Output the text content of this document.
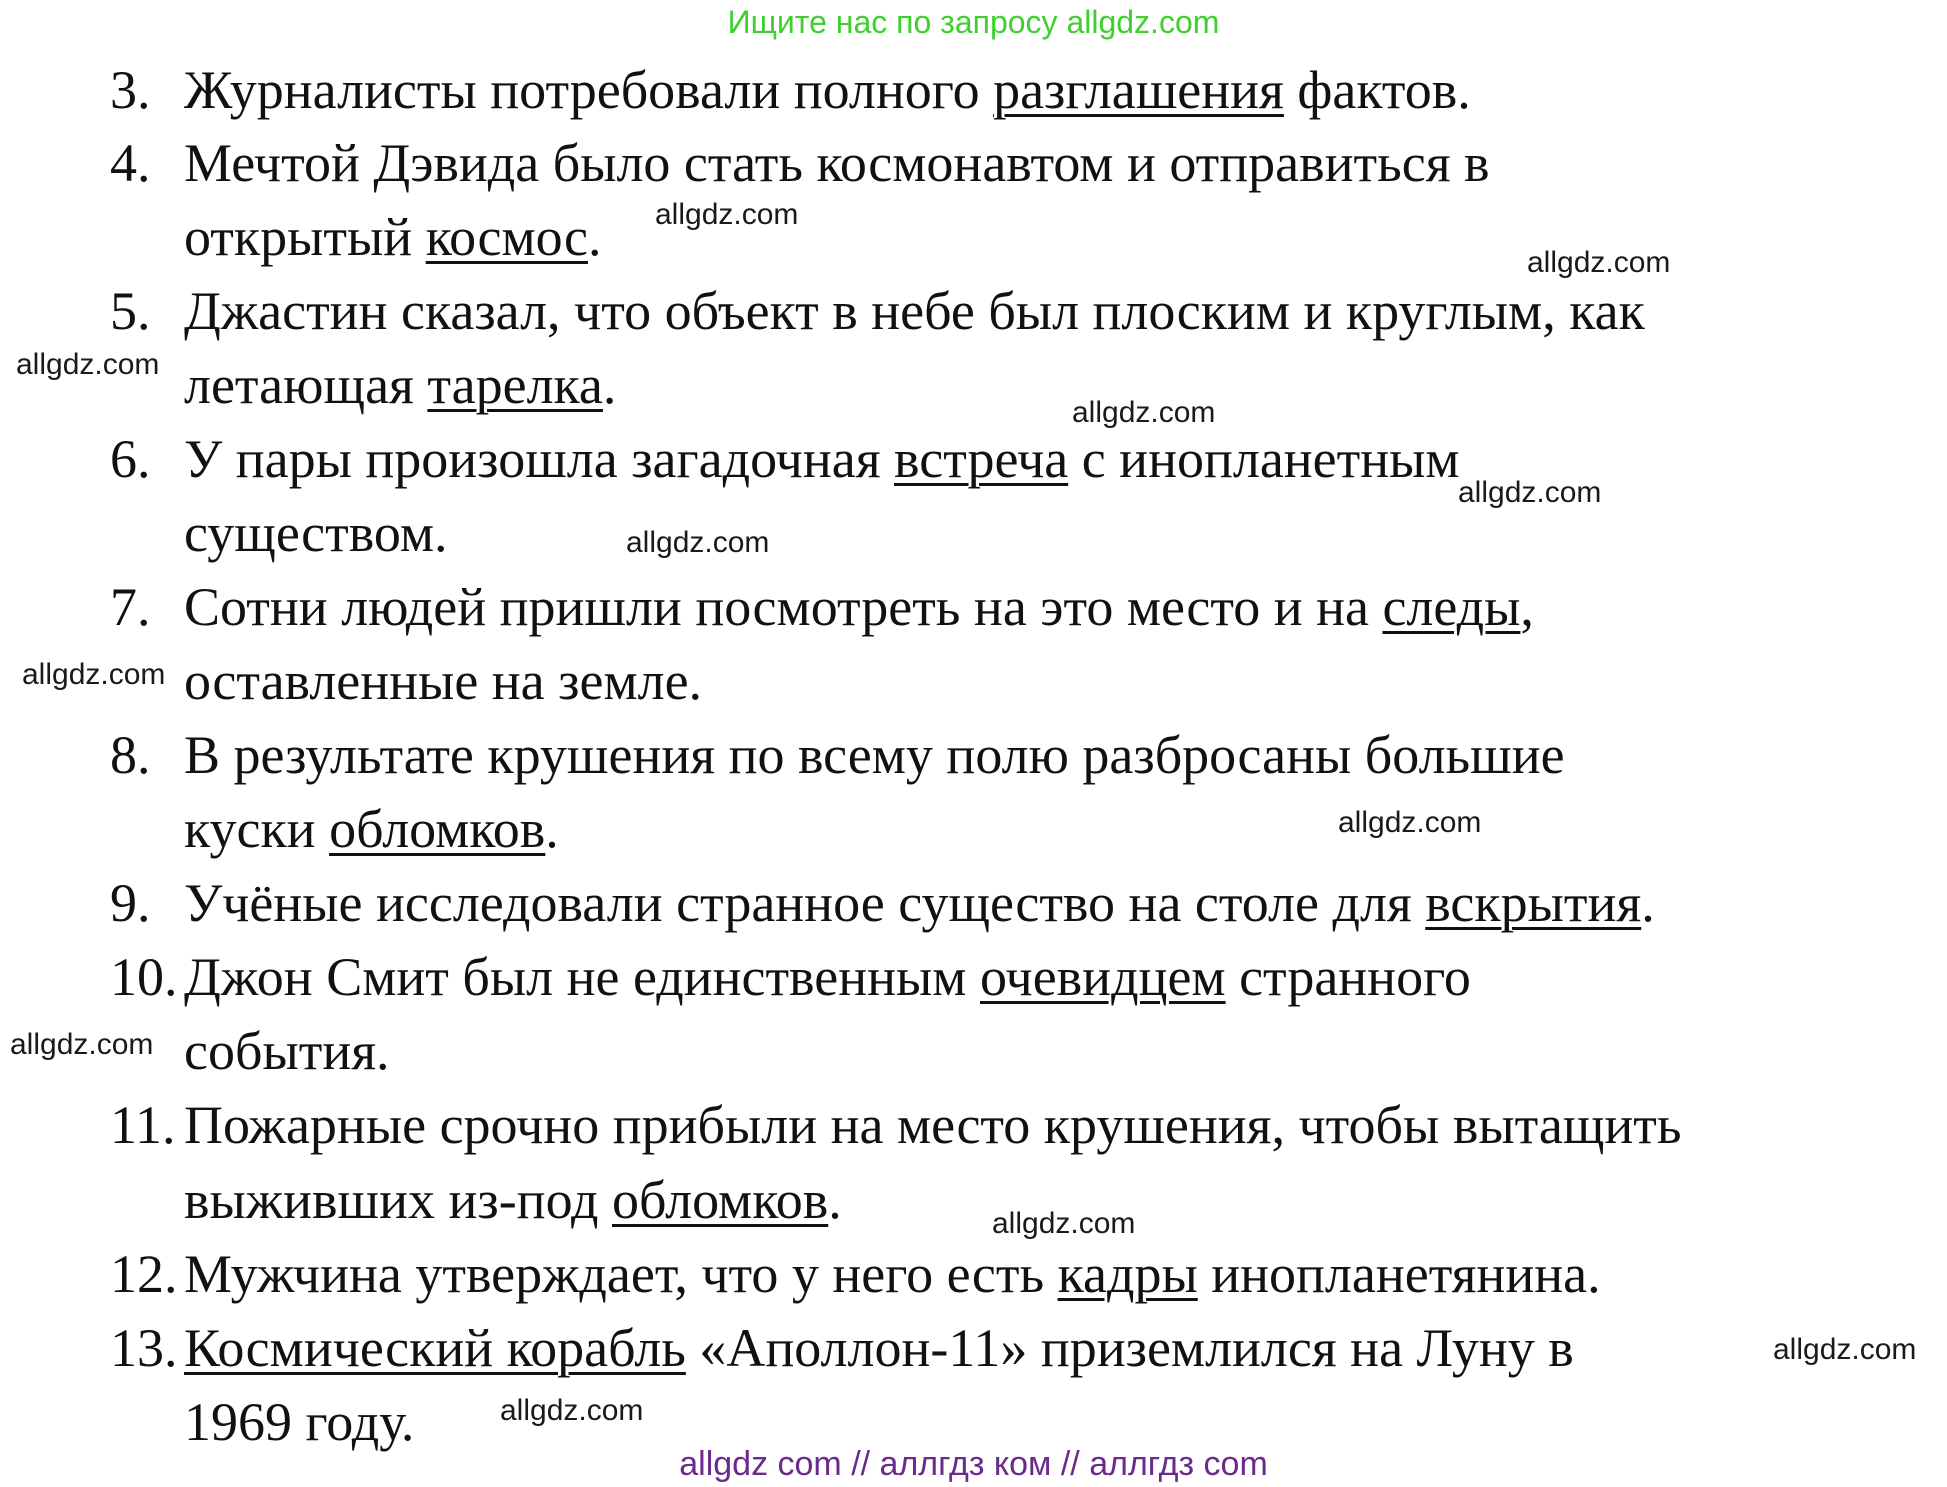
Ищите нас по запросу allgdz.com
3. Журналисты потребовали полного разглашения фактов.
4. Мечтой Дэвида было стать космонавтом и отправиться в
открытый космос.
5. Джастин сказал, что объект в небе был плоским и круглым, как
летающая тарелка.
6. У пары произошла загадочная встреча с инопланетным
существом.
7. Сотни людей пришли посмотреть на это место и на следы,
оставленные на земле.
8. В результате крушения по всему полю разбросаны большие
куски обломков.
9. Учёные исследовали странное существо на столе для вскрытия.
10. Джон Смит был не единственным очевидцем странного
события.
11. Пожарные срочно прибыли на место крушения, чтобы вытащить
выживших из-под обломков.
12. Мужчина утверждает, что у него есть кадры инопланетянина.
13. Космический корабль «Аполлон-11» приземлился на Луну в
1969 году.
allgdz com // аллгдз ком // аллгдз com
allgdz.com
allgdz.com
allgdz.com
allgdz.com
allgdz.com
allgdz.com
allgdz.com
allgdz.com
allgdz.com
allgdz.com
allgdz.com
allgdz.com
